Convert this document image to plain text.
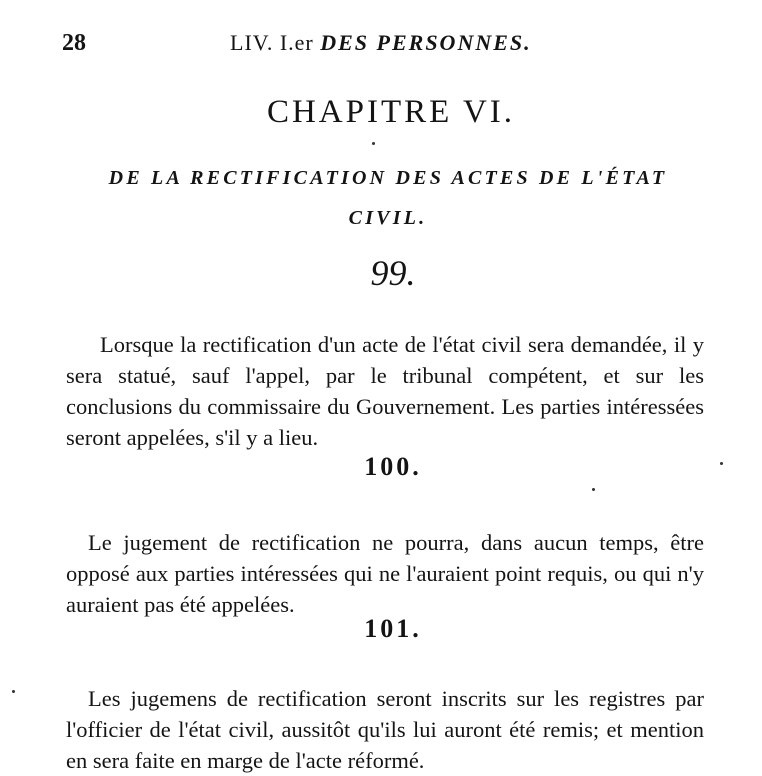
28	LIV. I.er DES PERSONNES.
CHAPITRE VI.
DE LA RECTIFICATION DES ACTES DE L'ÉTAT CIVIL.
99.

Lorsque la rectification d'un acte de l'état civil sera demandée, il y sera statué, sauf l'appel, par le tribunal compétent, et sur les conclusions du commissaire du Gouvernement. Les parties intéressées seront appelées, s'il y a lieu.

100.

Le jugement de rectification ne pourra, dans aucun temps, être opposé aux parties intéressées qui ne l'auraient point requis, ou qui n'y auraient pas été appelées.

101.

Les jugemens de rectification seront inscrits sur les registres par l'officier de l'état civil, aussitôt qu'ils lui auront été remis; et mention en sera faite en marge de l'acte réformé.
